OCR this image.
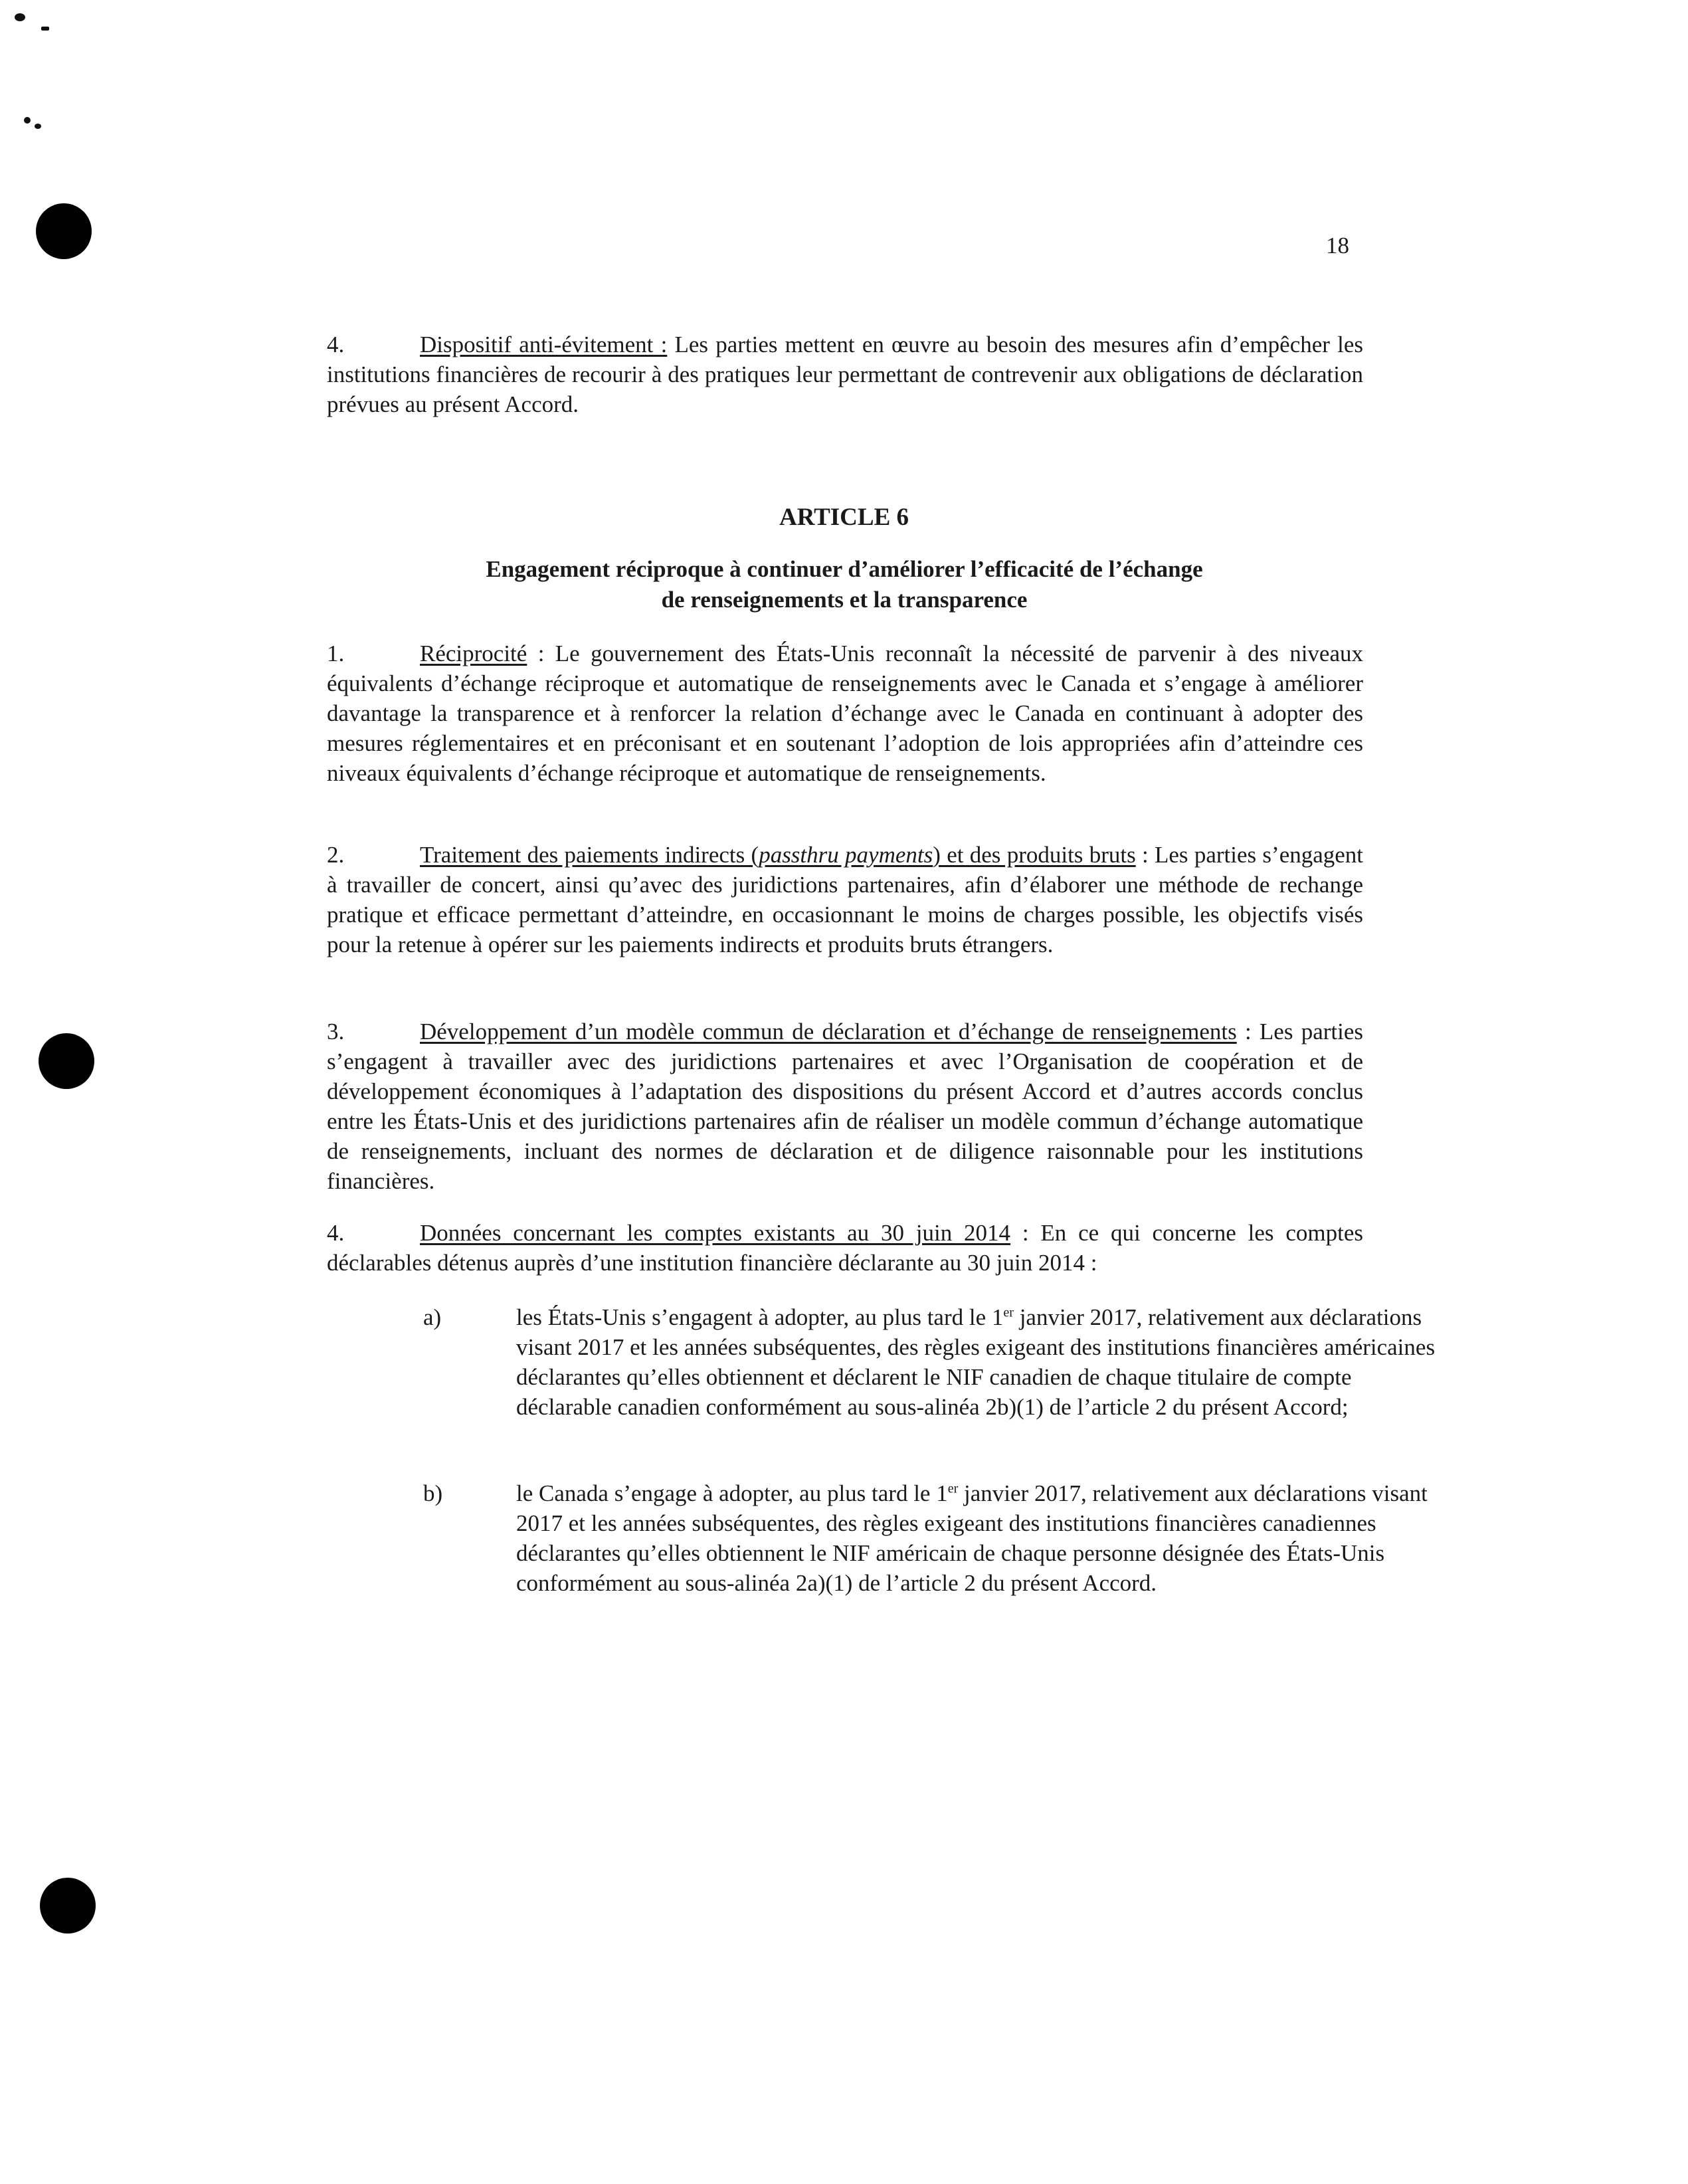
18
4.	Dispositif anti-évitement : Les parties mettent en œuvre au besoin des mesures afin d’empêcher les institutions financières de recourir à des pratiques leur permettant de contrevenir aux obligations de déclaration prévues au présent Accord.
ARTICLE 6
Engagement réciproque à continuer d’améliorer l’efficacité de l’échange
de renseignements et la transparence
1.	Réciprocité : Le gouvernement des États-Unis reconnaît la nécessité de parvenir à des niveaux équivalents d’échange réciproque et automatique de renseignements avec le Canada et s’engage à améliorer davantage la transparence et à renforcer la relation d’échange avec le Canada en continuant à adopter des mesures réglementaires et en préconisant et en soutenant l’adoption de lois appropriées afin d’atteindre ces niveaux équivalents d’échange réciproque et automatique de renseignements.
2.	Traitement des paiements indirects (passthru payments) et des produits bruts : Les parties s’engagent à travailler de concert, ainsi qu’avec des juridictions partenaires, afin d’élaborer une méthode de rechange pratique et efficace permettant d’atteindre, en occasionnant le moins de charges possible, les objectifs visés pour la retenue à opérer sur les paiements indirects et produits bruts étrangers.
3.	Développement d’un modèle commun de déclaration et d’échange de renseignements : Les parties s’engagent à travailler avec des juridictions partenaires et avec l’Organisation de coopération et de développement économiques à l’adaptation des dispositions du présent Accord et d’autres accords conclus entre les États-Unis et des juridictions partenaires afin de réaliser un modèle commun d’échange automatique de renseignements, incluant des normes de déclaration et de diligence raisonnable pour les institutions financières.
4.	Données concernant les comptes existants au 30 juin 2014 : En ce qui concerne les comptes déclarables détenus auprès d’une institution financière déclarante au 30 juin 2014 :
a)	les États-Unis s’engagent à adopter, au plus tard le 1er janvier 2017, relativement aux déclarations visant 2017 et les années subséquentes, des règles exigeant des institutions financières américaines déclarantes qu’elles obtiennent et déclarent le NIF canadien de chaque titulaire de compte déclarable canadien conformément au sous-alinéa 2b)(1) de l’article 2 du présent Accord;
b)	le Canada s’engage à adopter, au plus tard le 1er janvier 2017, relativement aux déclarations visant 2017 et les années subséquentes, des règles exigeant des institutions financières canadiennes déclarantes qu’elles obtiennent le NIF américain de chaque personne désignée des États-Unis conformément au sous-alinéa 2a)(1) de l’article 2 du présent Accord.
